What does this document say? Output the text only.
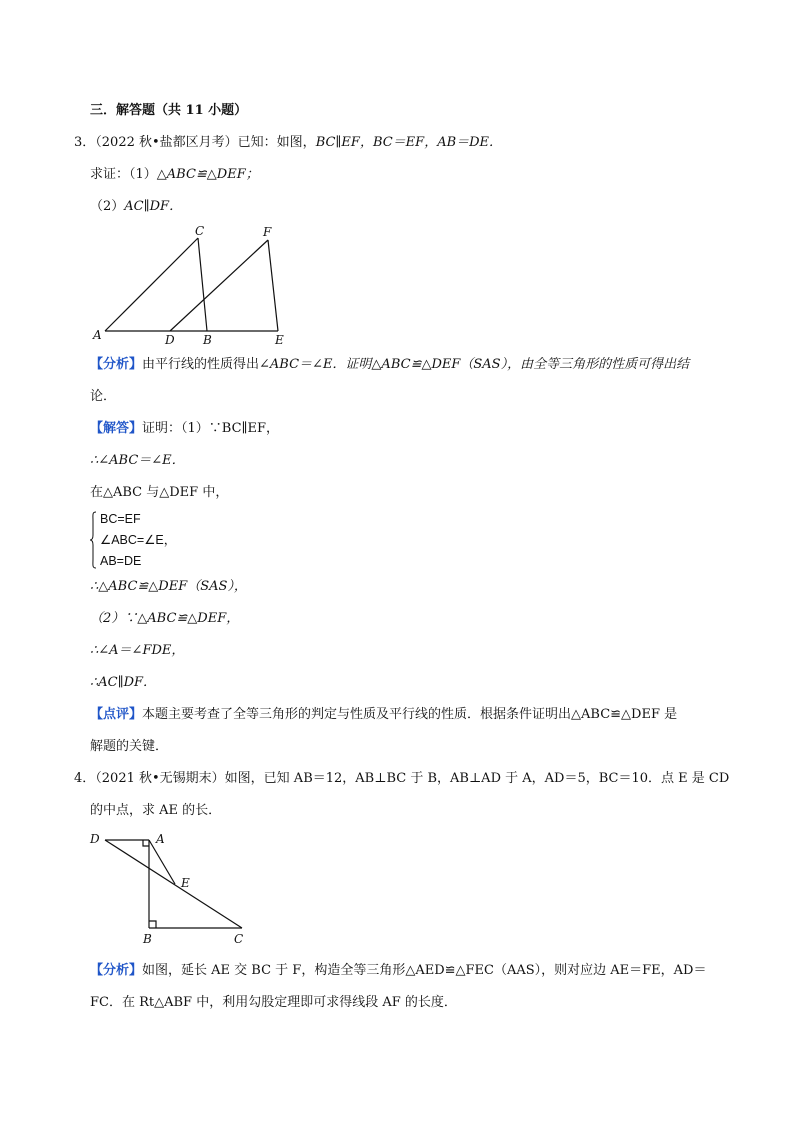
三．解答题（共 11 小题）
3．（2022 秋•盐都区月考）已知：如图，BC∥EF，BC＝EF，AB＝DE．
求证：（1）△ABC≌△DEF；
（2）AC∥DF．
A
C	F
D B	E
【分析】由平行线的性质得出∠ABC＝∠E．证明△ABC≌△DEF（SAS），由全等三角形的性质可得出结
论．
【解答】证明：（1）∵BC∥EF，
∴∠ABC＝∠E．
在△ABC 与△DEF 中，
BC=EF
∠ABC=∠E，
AB=DE
∴△ABC≌△DEF（SAS），
（2）∵△ABC≌△DEF，
∴∠A＝∠FDE，
∴AC∥DF．
【点评】本题主要考查了全等三角形的判定与性质及平行线的性质．根据条件证明出△ABC≌△DEF 是
解题的关键．
4．（2021 秋•无锡期末）如图，已知 AB＝12，AB⊥BC 于 B，AB⊥AD 于 A，AD＝5，BC＝10．点 E 是 CD
的中点，求 AE 的长．
D	A
E
B	C
【分析】如图，延长 AE 交 BC 于 F，构造全等三角形△AED≌△FEC（AAS），则对应边 AE＝FE，AD＝
FC．在 Rt△ABF 中，利用勾股定理即可求得线段 AF 的长度．
